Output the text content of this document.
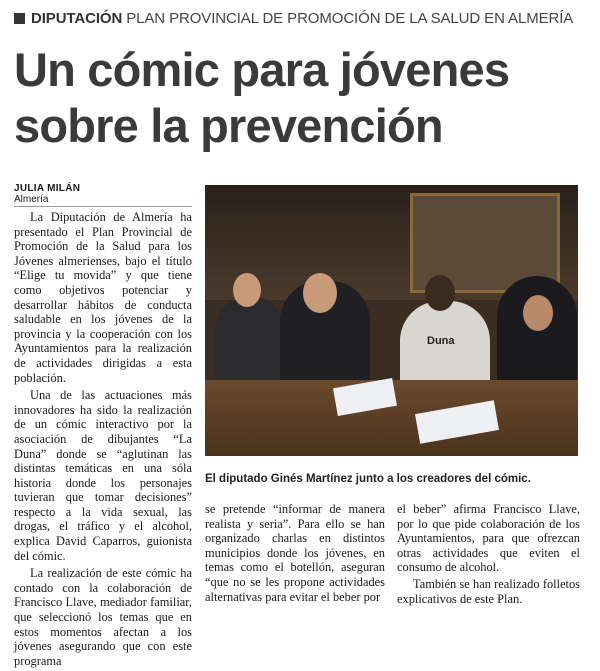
DIPUTACIÓN PLAN PROVINCIAL DE PROMOCIÓN DE LA SALUD EN ALMERÍA
Un cómic para jóvenes
sobre la prevención
JULIA MILÁN
Almería

La Diputación de Almería ha presentado el Plan Provincial de Promoción de la Salud para los Jóvenes almerienses, bajo el título “Elige tu movida” y que tiene como objetivos potenciar y desarrollar hábitos de conducta saludable en los jóvenes de la provincia y la cooperación con los Ayuntamientos para la realización de actividades dirigidas a esta población.

Una de las actuaciones más innovadores ha sido la realización de un cómic interactivo por la asociación de dibujantes “La Duna” donde se “aglutinan las distintas temáticas en una sóla historia donde los personajes tuvieran que tomar decisiones” respecto a la vida sexual, las drogas, el tráfico y el alcohol, explica David Caparros, guionista del cómic.

La realización de este cómic ha contado con la colaboración de Francisco Llave, mediador familiar, que seleccionó los temas que en estos momentos afectan a los jóvenes asegurando que con este programa

Duna
El diputado Ginés Martínez junto a los creadores del cómic.

se pretende “informar de manera realista y seria”. Para ello se han organizado charlas en distintos municipios donde los jóvenes, en temas como el botellón, aseguran “que no se les propone actividades alternativas para evitar el beber por

el beber” afirma Francisco Llave, por lo que pide colaboración de los Ayuntamientos, para que ofrezcan otras actividades que eviten el consumo de alcohol.

También se han realizado folletos explicativos de este Plan.
